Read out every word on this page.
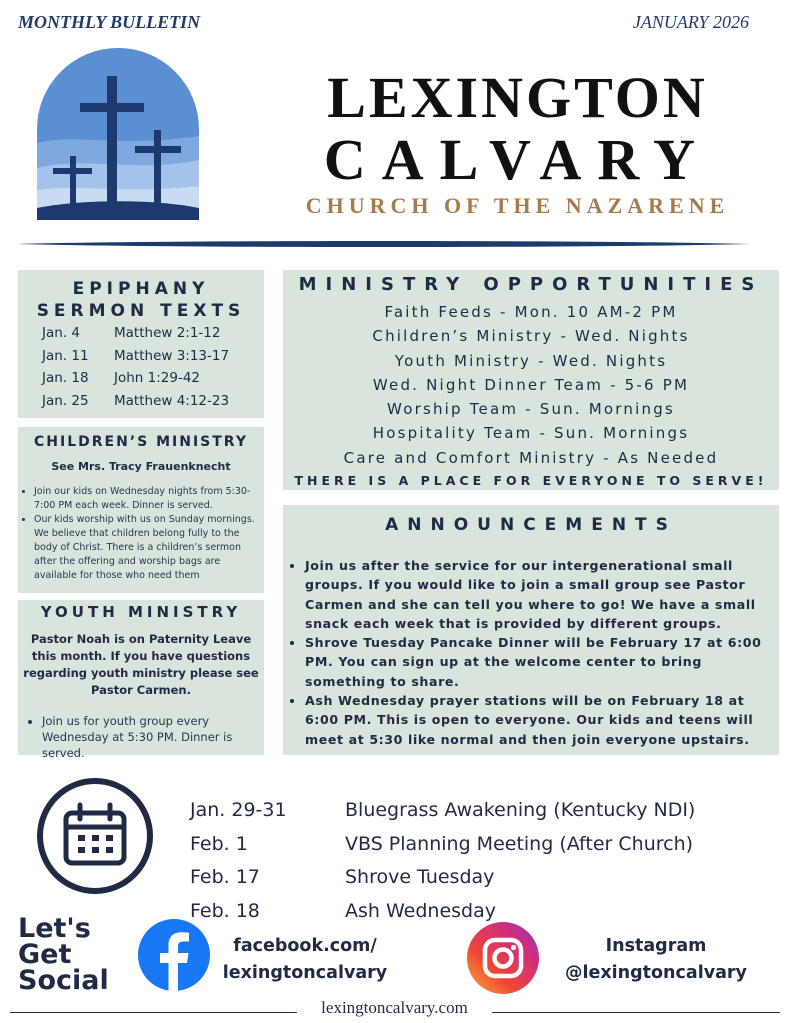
MONTHLY BULLETIN	JANUARY 2026
LEXINGTON
CALVARY
CHURCH OF THE NAZARENE
EPIPHANY
SERMON TEXTS
Jan. 4	Matthew 2:1-12
Jan. 11	Matthew 3:13-17
Jan. 18	John 1:29-42
Jan. 25	Matthew 4:12-23
CHILDREN’S MINISTRY
See Mrs. Tracy Frauenknecht
• Join our kids on Wednesday nights from 5:30-7:00 PM each week. Dinner is served.
• Our kids worship with us on Sunday mornings. We believe that children belong fully to the body of Christ. There is a children’s sermon after the offering and worship bags are available for those who need them
YOUTH MINISTRY
Pastor Noah is on Paternity Leave this month. If you have questions regarding youth ministry please see Pastor Carmen.
• Join us for youth group every Wednesday at 5:30 PM. Dinner is served.
MINISTRY OPPORTUNITIES
Faith Feeds - Mon. 10 AM-2 PM
Children’s Ministry - Wed. Nights
Youth Ministry - Wed. Nights
Wed. Night Dinner Team - 5-6 PM
Worship Team - Sun. Mornings
Hospitality Team - Sun. Mornings
Care and Comfort Ministry - As Needed
THERE IS A PLACE FOR EVERYONE TO SERVE!
ANNOUNCEMENTS
• Join us after the service for our intergenerational small groups. If you would like to join a small group see Pastor Carmen and she can tell you where to go! We have a small snack each week that is provided by different groups.
• Shrove Tuesday Pancake Dinner will be February 17 at 6:00 PM. You can sign up at the welcome center to bring something to share.
• Ash Wednesday prayer stations will be on February 18 at 6:00 PM. This is open to everyone. Our kids and teens will meet at 5:30 like normal and then join everyone upstairs.
Jan. 29-31	Bluegrass Awakening (Kentucky NDI)
Feb. 1	VBS Planning Meeting (After Church)
Feb. 17	Shrove Tuesday
Feb. 18	Ash Wednesday
Let's
Get
Social
facebook.com/
lexingtoncalvary
Instagram
@lexingtoncalvary
lexingtoncalvary.com
